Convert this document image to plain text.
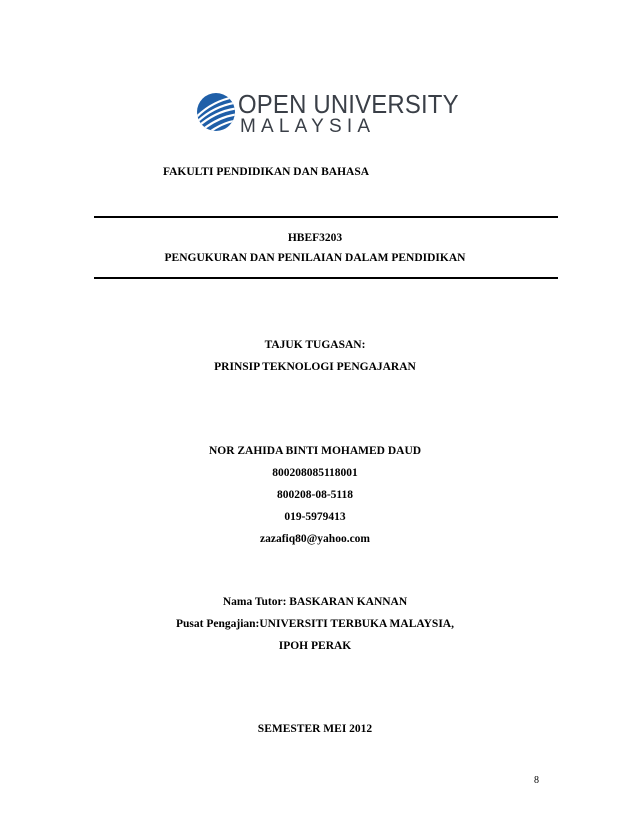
OPEN UNIVERSITY
MALAYSIA
FAKULTI PENDIDIKAN DAN BAHASA
HBEF3203
PENGUKURAN DAN PENILAIAN DALAM PENDIDIKAN
TAJUK TUGASAN:
PRINSIP TEKNOLOGI PENGAJARAN
NOR ZAHIDA BINTI MOHAMED DAUD
800208085118001
800208-08-5118
019-5979413
zazafiq80@yahoo.com
Nama Tutor: BASKARAN KANNAN
Pusat Pengajian:UNIVERSITI TERBUKA MALAYSIA,
IPOH PERAK
SEMESTER MEI 2012
8
